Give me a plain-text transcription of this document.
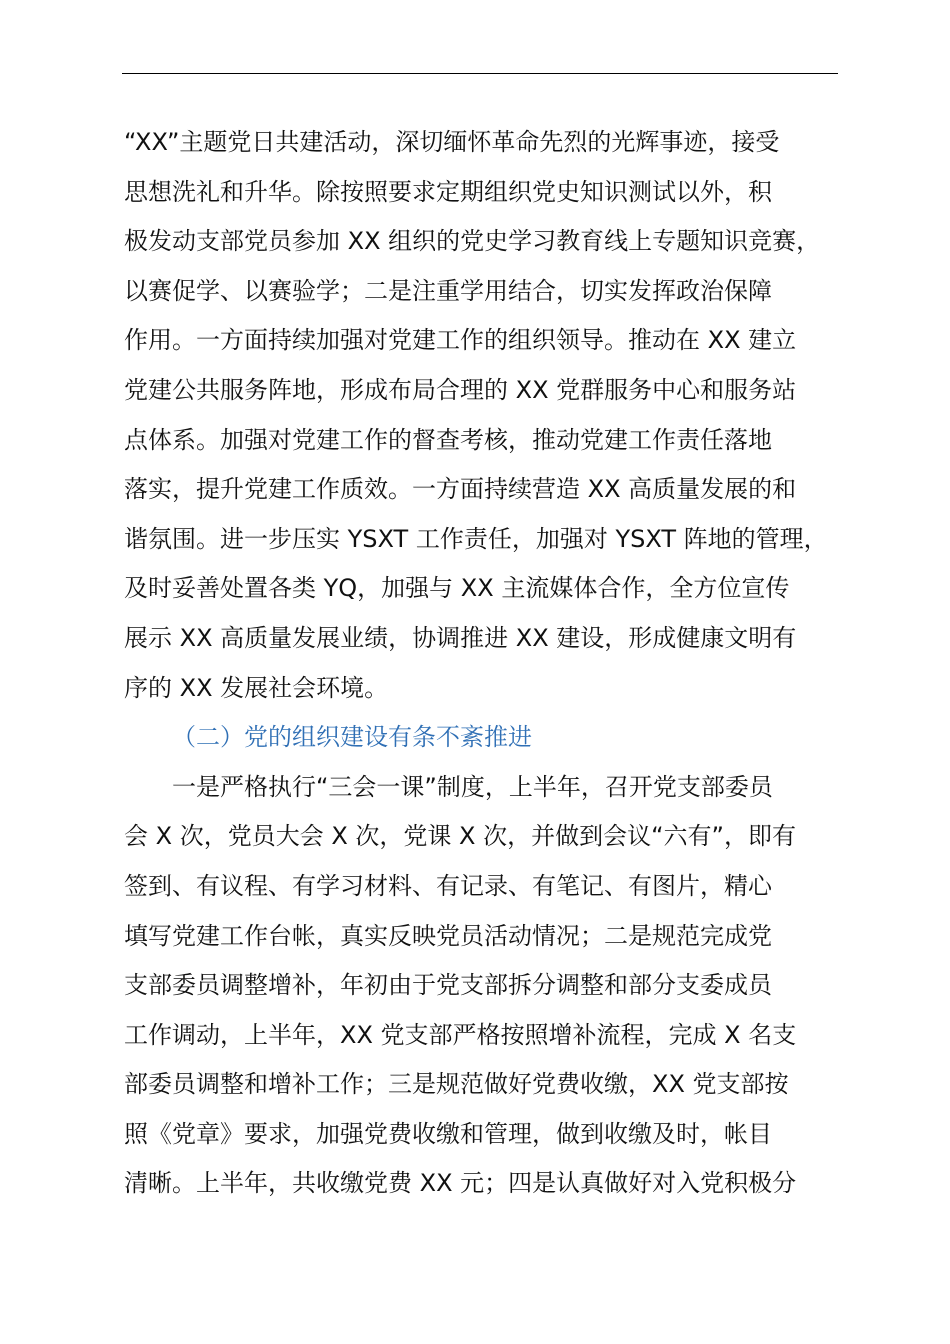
“XX”主题党日共建活动，深切缅怀革命先烈的光辉事迹，接受
思想洗礼和升华。除按照要求定期组织党史知识测试以外，积
极发动支部党员参加 XX 组织的党史学习教育线上专题知识竞赛，
以赛促学、以赛验学；二是注重学用结合，切实发挥政治保障
作用。一方面持续加强对党建工作的组织领导。推动在 XX 建立
党建公共服务阵地，形成布局合理的 XX 党群服务中心和服务站
点体系。加强对党建工作的督查考核，推动党建工作责任落地
落实，提升党建工作质效。一方面持续营造 XX 高质量发展的和
谐氛围。进一步压实 YSXT 工作责任，加强对 YSXT 阵地的管理，
及时妥善处置各类 YQ，加强与 XX 主流媒体合作，全方位宣传
展示 XX 高质量发展业绩，协调推进 XX 建设，形成健康文明有
序的 XX 发展社会环境。
（二）党的组织建设有条不紊推进
一是严格执行“三会一课”制度，上半年，召开党支部委员
会 X 次，党员大会 X 次，党课 X 次，并做到会议“六有”，即有
签到、有议程、有学习材料、有记录、有笔记、有图片，精心
填写党建工作台帐，真实反映党员活动情况；二是规范完成党
支部委员调整增补，年初由于党支部拆分调整和部分支委成员
工作调动，上半年，XX 党支部严格按照增补流程，完成 X 名支
部委员调整和增补工作；三是规范做好党费收缴，XX 党支部按
照《党章》要求，加强党费收缴和管理，做到收缴及时，帐目
清晰。上半年，共收缴党费 XX 元；四是认真做好对入党积极分
